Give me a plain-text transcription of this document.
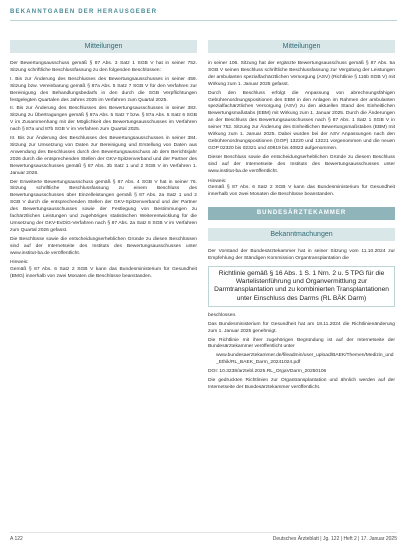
BEKANNTGABEN DER HERAUSGEBER
Mitteilungen

Der Bewertungsausschuss gemäß § 87 Abs. 3 Satz 1 SGB V hat in seiner 752. Sitzung schriftliche Beschlussfassung zu den folgenden Beschlüssen:

I. Bis zur Änderung des Beschlusses des Bewertungsausschusses in seiner 459. Sitzung bzw. Vereinbarung gemäß § 87a Abs. 5 Satz 7 SGB V für den Verfahren zur Bereinigung des Behandlungsbedarfs in den durch die SGB Verpflichtungen festgelegten Quartalen des Jahres 2025 im Verfahren zum Quartal 2025.

II. Bis zur Änderung des Beschlusses des Bewertungsausschusses in seiner 383. Sitzung zu Übertragungen gemäß § 87a Abs. 5 Satz 7 bzw. § 87a Abs. 5 Satz 6 SGB V im Zusammenhang mit der Möglichkeit des Bewertungsausschusses im Verfahren nach § 87a und 87b SGB V im Verfahren zum Quartal 2025.

III. Bis zur Änderung des Beschlusses des Bewertungsausschusses in seiner 384. Sitzung zur Umsetzung von Daten zur Bereinigung und Erstellung von Daten aus Anwendung des Beschlusses durch den Bewertungsausschuss ab dem Berichtsjahr 2026 durch die entsprechenden Stellen der GKV-Spitzenverband und der Partner des Bewertungsausschusses gemäß § 87 Abs. 3b Satz 1 und 2 SGB V im Verfahren 1. Januar 2026.

Der Erweiterte Bewertungsausschuss gemäß § 87 Abs. 4 SGB V hat in seiner 76. Sitzung schriftliche Beschlussfassung zu einem Beschluss des Bewertungsausschusses über Einzelleistungen gemäß § 87 Abs. 2a Satz 1 und 2 SGB V durch die entsprechenden Stellen der GKV-Spitzenverband und der Partner des Bewertungsausschusses sowie der Festlegung von Bestimmungen zu fachärztlichen Leistungen und zugehörigen statistischen Weiterentwicklung für die Umsetzung der GKV-EvDiG-Verfahren nach § 87 Abs. 2a Satz 8 SGB V im Verfahren zum Quartal 2026 gefasst.

Die Beschlüsse sowie die entscheidungserheblichen Gründe zu diesen Beschlüssen sind auf der Internetseite des Instituts des Bewertungsausschusses unter www.institut-ba.de veröffentlicht.

Hinweis:

Gemäß § 87 Abs. 6 Satz 2 SGB V kann das Bundesministerium für Gesundheit (BMG) innerhalb von zwei Monaten die Beschlüsse beanstanden.

Mitteilungen

in seiner 106. Sitzung hat der ergänzte Bewertungsausschuss gemäß § 87 Abs. 5a SGB V seinen Beschluss schriftliche Beschlussfassung zur Vergütung der Leistungen der ambulanten spezialfachärztlichen Versorgung (ASV) (Richtlinie § 116b SGB V) mit Wirkung zum 1. Januar 2025 gefasst.

Durch den Beschluss erfolgt die Anpassung von abrechnungsfähigen Gebührenordnungspositionen des EBM in den Anlagen im Rahmen der ambulanten spezialfachärztlichen Versorgung (ASV) zu den aktuellen Stand des Einheitlichen Bewertungsmaßstabs (EBM) mit Wirkung zum 1. Januar 2025. Durch die Änderungen an der Beschluss des Bewertungsausschusses nach § 87 Abs. 1 Satz 1 SGB V in seiner 752. Sitzung zur Änderung des Einheitlichen Bewertungsmaßstabes (EBM) mit Wirkung zum 1. Januar 2025. Dabei wurden bei der ASV Anpassungen nach den Gebührenordnungspositionen (GOP) 13220 und 13221 vorgenommen und die neuen GOP 02320 bis 02321 und 40819 bis 40823 aufgenommen.

Dieser Beschluss sowie die entscheidungserheblichen Gründe zu diesem Beschluss sind auf der Internetseite des Instituts des Bewertungsausschusses unter www.institut-ba.de veröffentlicht.

Hinweis:

Gemäß § 87 Abs. 6 Satz 2 SGB V kann das Bundesministerium für Gesundheit innerhalb von zwei Monaten die Beschlüsse beanstanden.

BUNDESÄRZTEKAMMER
Bekanntmachungen

Der Vorstand der Bundesärztekammer hat in seiner Sitzung vom 11.10.2024 zur Empfehlung der Ständigen Kommission Organtransplantation die

Richtlinie gemäß § 16 Abs. 1 S. 1 Nrn. 2 u. 5 TPG für die Wartelistenführung und Organvermittlung zur Darmtransplantation und zu kombinierten Transplantationen unter Einschluss des Darms (RL BÄK Darm)

beschlossen.

Das Bundesministerium für Gesundheit hat am 18.11.2024 die Richtlinienänderung zum 1. Januar 2025 genehmigt.

Die Richtlinie mit ihrer zugehörigen Begründung ist auf der Internetseite der Bundesärztekammer veröffentlicht unter

www.bundesaerztekammer.de/fileadmin/user_upload/BAEK/Themen/Medizin_und_Ethik/RL_BAEK_Darm_20241024.pdf

DOI: 10.3238/arztebl.2025.RL_OrgaVDarm_20250106

Die gedruckten Richtlinien zur Organtransplantation und ähnlich werden auf der Internetseite der Bundesärztekammer veröffentlicht.

A 122	Deutsches Ärzteblatt | Jg. 122 | Heft 2 | 17. Januar 2025
